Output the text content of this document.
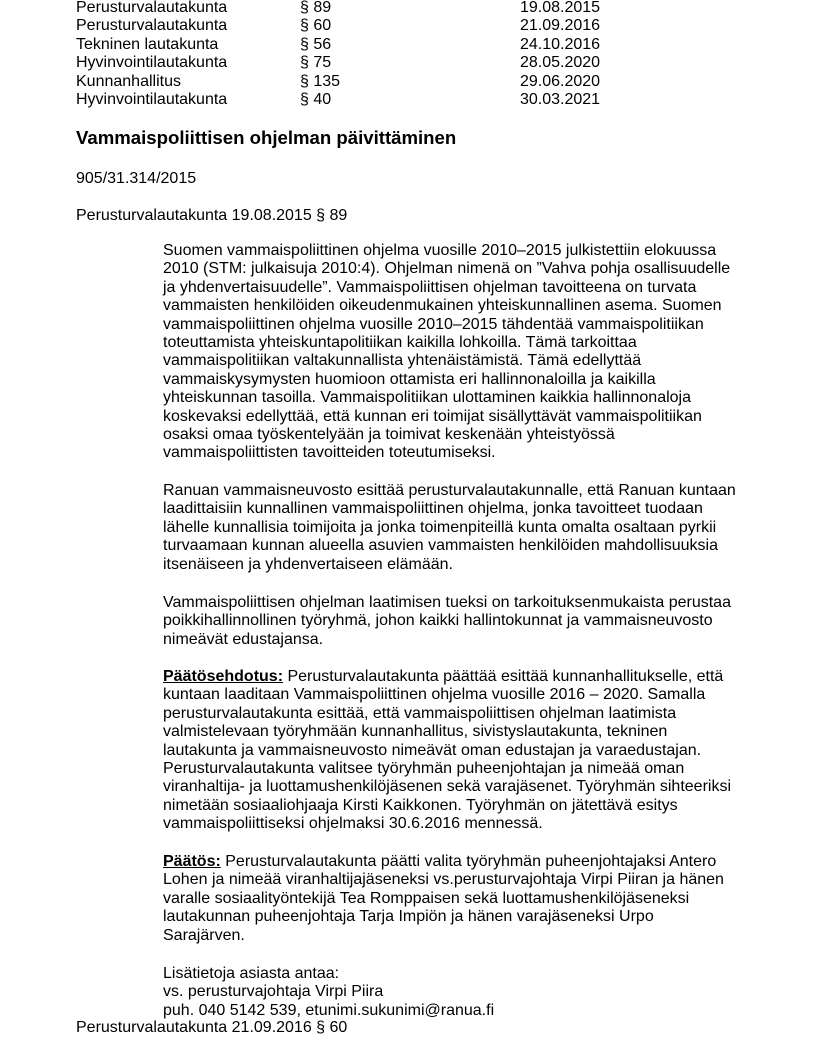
Perusturvalautakunta	§ 89	19.08.2015
Perusturvalautakunta	§ 60	21.09.2016
Tekninen lautakunta	§ 56	24.10.2016
Hyvinvointilautakunta	§ 75	28.05.2020
Kunnanhallitus	§ 135	29.06.2020
Hyvinvointilautakunta	§ 40	30.03.2021
Vammaispoliittisen ohjelman päivittäminen
905/31.314/2015
Perusturvalautakunta 19.08.2015 § 89
Suomen vammaispoliittinen ohjelma vuosille 2010–2015 julkistettiin elokuussa
2010 (STM: julkaisuja 2010:4). Ohjelman nimenä on ”Vahva pohja osallisuudelle
ja yhdenvertaisuudelle”. Vammaispoliittisen ohjelman tavoitteena on turvata
vammaisten henkilöiden oikeudenmukainen yhteiskunnallinen asema. Suomen
vammaispoliittinen ohjelma vuosille 2010–2015 tähdentää vammaispolitiikan
toteuttamista yhteiskuntapolitiikan kaikilla lohkoilla. Tämä tarkoittaa
vammaispolitiikan valtakunnallista yhtenäistämistä. Tämä edellyttää
vammaiskysymysten huomioon ottamista eri hallinnonaloilla ja kaikilla
yhteiskunnan tasoilla. Vammaispolitiikan ulottaminen kaikkia hallinnonaloja
koskevaksi edellyttää, että kunnan eri toimijat sisällyttävät vammaispolitiikan
osaksi omaa työskentelyään ja toimivat keskenään yhteistyössä
vammaispoliittisten tavoitteiden toteutumiseksi.
Ranuan vammaisneuvosto esittää perusturvalautakunnalle, että Ranuan kuntaan
laadittaisiin kunnallinen vammaispoliittinen ohjelma, jonka tavoitteet tuodaan
lähelle kunnallisia toimijoita ja jonka toimenpiteillä kunta omalta osaltaan pyrkii
turvaamaan kunnan alueella asuvien vammaisten henkilöiden mahdollisuuksia
itsenäiseen ja yhdenvertaiseen elämään.
Vammaispoliittisen ohjelman laatimisen tueksi on tarkoituksenmukaista perustaa
poikkihallinnollinen työryhmä, johon kaikki hallintokunnat ja vammaisneuvosto
nimeävät edustajansa.
Päätösehdotus: Perusturvalautakunta päättää esittää kunnanhallitukselle, että
kuntaan laaditaan Vammaispoliittinen ohjelma vuosille 2016 – 2020. Samalla
perusturvalautakunta esittää, että vammaispoliittisen ohjelman laatimista
valmistelevaan työryhmään kunnanhallitus, sivistyslautakunta, tekninen
lautakunta ja vammaisneuvosto nimeävät oman edustajan ja varaedustajan.
Perusturvalautakunta valitsee työryhmän puheenjohtajan ja nimeää oman
viranhaltija- ja luottamushenkilöjäsenen sekä varajäsenet. Työryhmän sihteeriksi
nimetään sosiaaliohjaaja Kirsti Kaikkonen. Työryhmän on jätettävä esitys
vammaispoliittiseksi ohjelmaksi 30.6.2016 mennessä.
Päätös: Perusturvalautakunta päätti valita työryhmän puheenjohtajaksi Antero
Lohen ja nimeää viranhaltijajäseneksi vs.perusturvajohtaja Virpi Piiran ja hänen
varalle sosiaalityöntekijä Tea Romppaisen sekä luottamushenkilöjäseneksi
lautakunnan puheenjohtaja Tarja Impiön ja hänen varajäseneksi Urpo
Sarajärven.
Lisätietoja asiasta antaa:
vs. perusturvajohtaja Virpi Piira
puh. 040 5142 539, etunimi.sukunimi@ranua.fi
Perusturvalautakunta 21.09.2016 § 60
